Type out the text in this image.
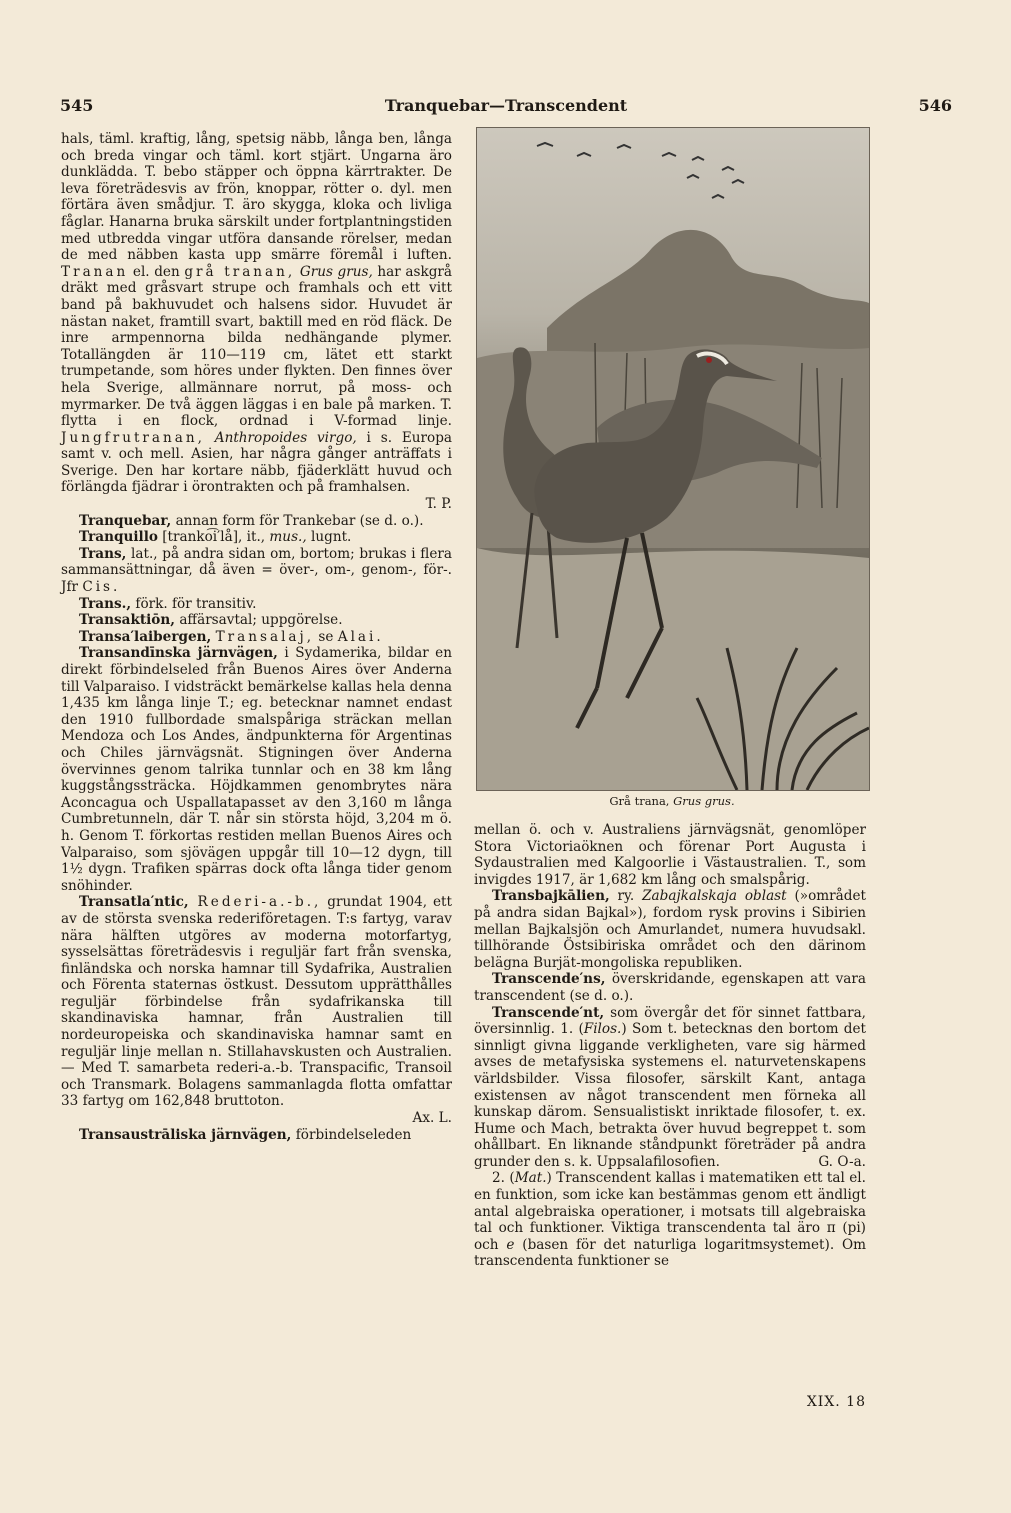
545	Tranquebar—Transcendent	546

hals, täml. kraftig, lång, spetsig näbb, långa ben, långa och breda vingar och täml. kort stjärt. Ungarna äro dunklädda. T. bebo stäpper och öppna kärrtrakter. De leva företrädesvis av frön, knoppar, rötter o. dyl. men förtära även smådjur. T. äro skygga, kloka och livliga fåglar. Hanarna bruka särskilt under fortplantningstiden med utbredda vingar utföra dansande rörelser, medan de med näbben kasta upp smärre föremål i luften. Tranan el. den grå tranan, Grus grus, har askgrå dräkt med gråsvart strupe och framhals och ett vitt band på bakhuvudet och halsens sidor. Huvudet är nästan naket, framtill svart, baktill med en röd fläck. De inre armpennorna bilda nedhängande plymer. Totallängden är 110—119 cm, lätet ett starkt trumpetande, som höres under flykten. Den finnes över hela Sverige, allmännare norrut, på moss- och myrmarker. De två äggen läggas i en bale på marken. T. flytta i en flock, ordnad i V-formad linje. Jungfrutranan, Anthropoides virgo, i s. Europa samt v. och mell. Asien, har några gånger anträffats i Sverige. Den har kortare näbb, fjäderklätt huvud och förlängda fjädrar i örontrakten och på framhalsen.
T. P.

Tranquebar, annan form för Trankebar (se d. o.).

Tranquillo [tranko͡i′lå], it., mus., lugnt.

Trans, lat., på andra sidan om, bortom; brukas i flera sammansättningar, då även = över-, om-, genom-, för-. Jfr Cis.

Trans., förk. för transitiv.

Transaktiōn, affärsavtal; uppgörelse.

Transa′laibergen, Transalaj, se Alai.

Transandīnska järnvägen, i Sydamerika, bildar en direkt förbindelseled från Buenos Aires över Anderna till Valparaiso. I vidsträckt bemärkelse kallas hela denna 1,435 km långa linje T.; eg. betecknar namnet endast den 1910 fullbordade smalspåriga sträckan mellan Mendoza och Los Andes, ändpunkterna för Argentinas och Chiles järnvägsnät. Stigningen över Anderna övervinnes genom talrika tunnlar och en 38 km lång kuggstångssträcka. Höjdkammen genombrytes nära Aconcagua och Uspallatapasset av den 3,160 m långa Cumbretunneln, där T. når sin största höjd, 3,204 m ö. h. Genom T. förkortas restiden mellan Buenos Aires och Valparaiso, som sjövägen uppgår till 10—12 dygn, till 1½ dygn. Trafiken spärras dock ofta långa tider genom snöhinder.

Transatla′ntic, Rederi-a.-b., grundat 1904, ett av de största svenska rederiföretagen. T:s fartyg, varav nära hälften utgöres av moderna motorfartyg, sysselsättas företrädesvis i reguljär fart från svenska, finländska och norska hamnar till Sydafrika, Australien och Förenta staternas östkust. Dessutom upprätthålles reguljär förbindelse från sydafrikanska till skandinaviska hamnar, från Australien till nordeuropeiska och skandinaviska hamnar samt en reguljär linje mellan n. Stillahavskusten och Australien. — Med T. samarbeta rederi-a.-b. Transpacific, Transoil och Transmark. Bolagens sammanlagda flotta omfattar 33 fartyg om 162,848 bruttoton.
Ax. L.

Transaustrāliska järnvägen, förbindelseleden

Grå trana, Grus grus.

mellan ö. och v. Australiens järnvägsnät, genomlöper Stora Victoriaöknen och förenar Port Augusta i Sydaustralien med Kalgoorlie i Västaustralien. T., som invigdes 1917, är 1,682 km lång och smalspårig.

Transbajkālien, ry. Zabajkalskaja oblast (»området på andra sidan Bajkal»), fordom rysk provins i Sibirien mellan Bajkalsjön och Amurlandet, numera huvudsakl. tillhörande Östsibiriska området och den därinom belägna Burjät-mongoliska republiken.

Transcende′ns, överskridande, egenskapen att vara transcendent (se d. o.).

Transcende′nt, som övergår det för sinnet fattbara, översinnlig. 1. (Filos.) Som t. betecknas den bortom det sinnligt givna liggande verkligheten, vare sig härmed avses de metafysiska systemens el. naturvetenskapens världsbilder. Vissa filosofer, särskilt Kant, antaga existensen av något transcendent men förneka all kunskap därom. Sensualistiskt inriktade filosofer, t. ex. Hume och Mach, betrakta över huvud begreppet t. som ohållbart. En liknande ståndpunkt företräder på andra grunder den s. k. Uppsalafilosofien.	G. O-a.

2. (Mat.) Transcendent kallas i matematiken ett tal el. en funktion, som icke kan bestämmas genom ett ändligt antal algebraiska operationer, i motsats till algebraiska tal och funktioner. Viktiga transcendenta tal äro π (pi) och e (basen för det naturliga logaritmsystemet). Om transcendenta funktioner se

XIX. 18
